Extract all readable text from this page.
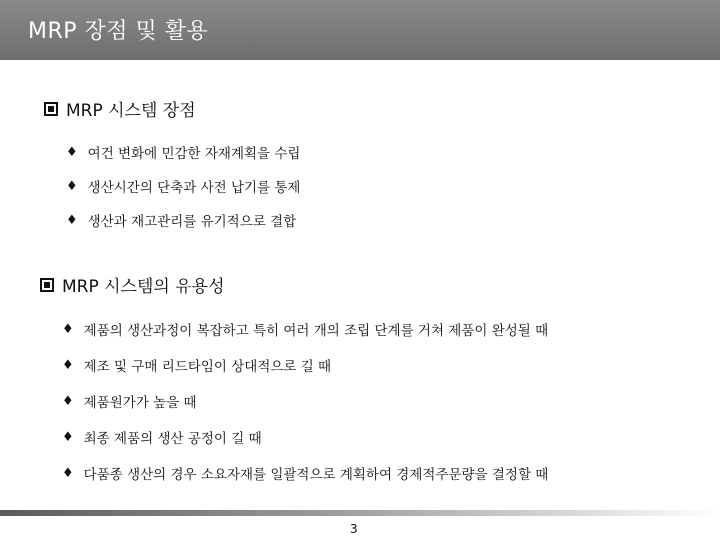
MRP 장점 및 활용
MRP 시스템 장점
♦ 여건 변화에 민감한 자재계획을 수립
♦ 생산시간의 단축과 사전 납기를 통제
♦ 생산과 재고관리를 유기적으로 결합
MRP 시스템의 유용성
♦ 제품의 생산과정이 복잡하고 특히 여러 개의 조립 단계를 거쳐 제품이 완성될 때
♦ 제조 및 구매 리드타임이 상대적으로 길 때
♦ 제품원가가 높을 때
♦ 최종 제품의 생산 공정이 길 때
♦ 다품종 생산의 경우 소요자재를 일괄적으로 계획하여 경제적주문량을 결정할 때
3
